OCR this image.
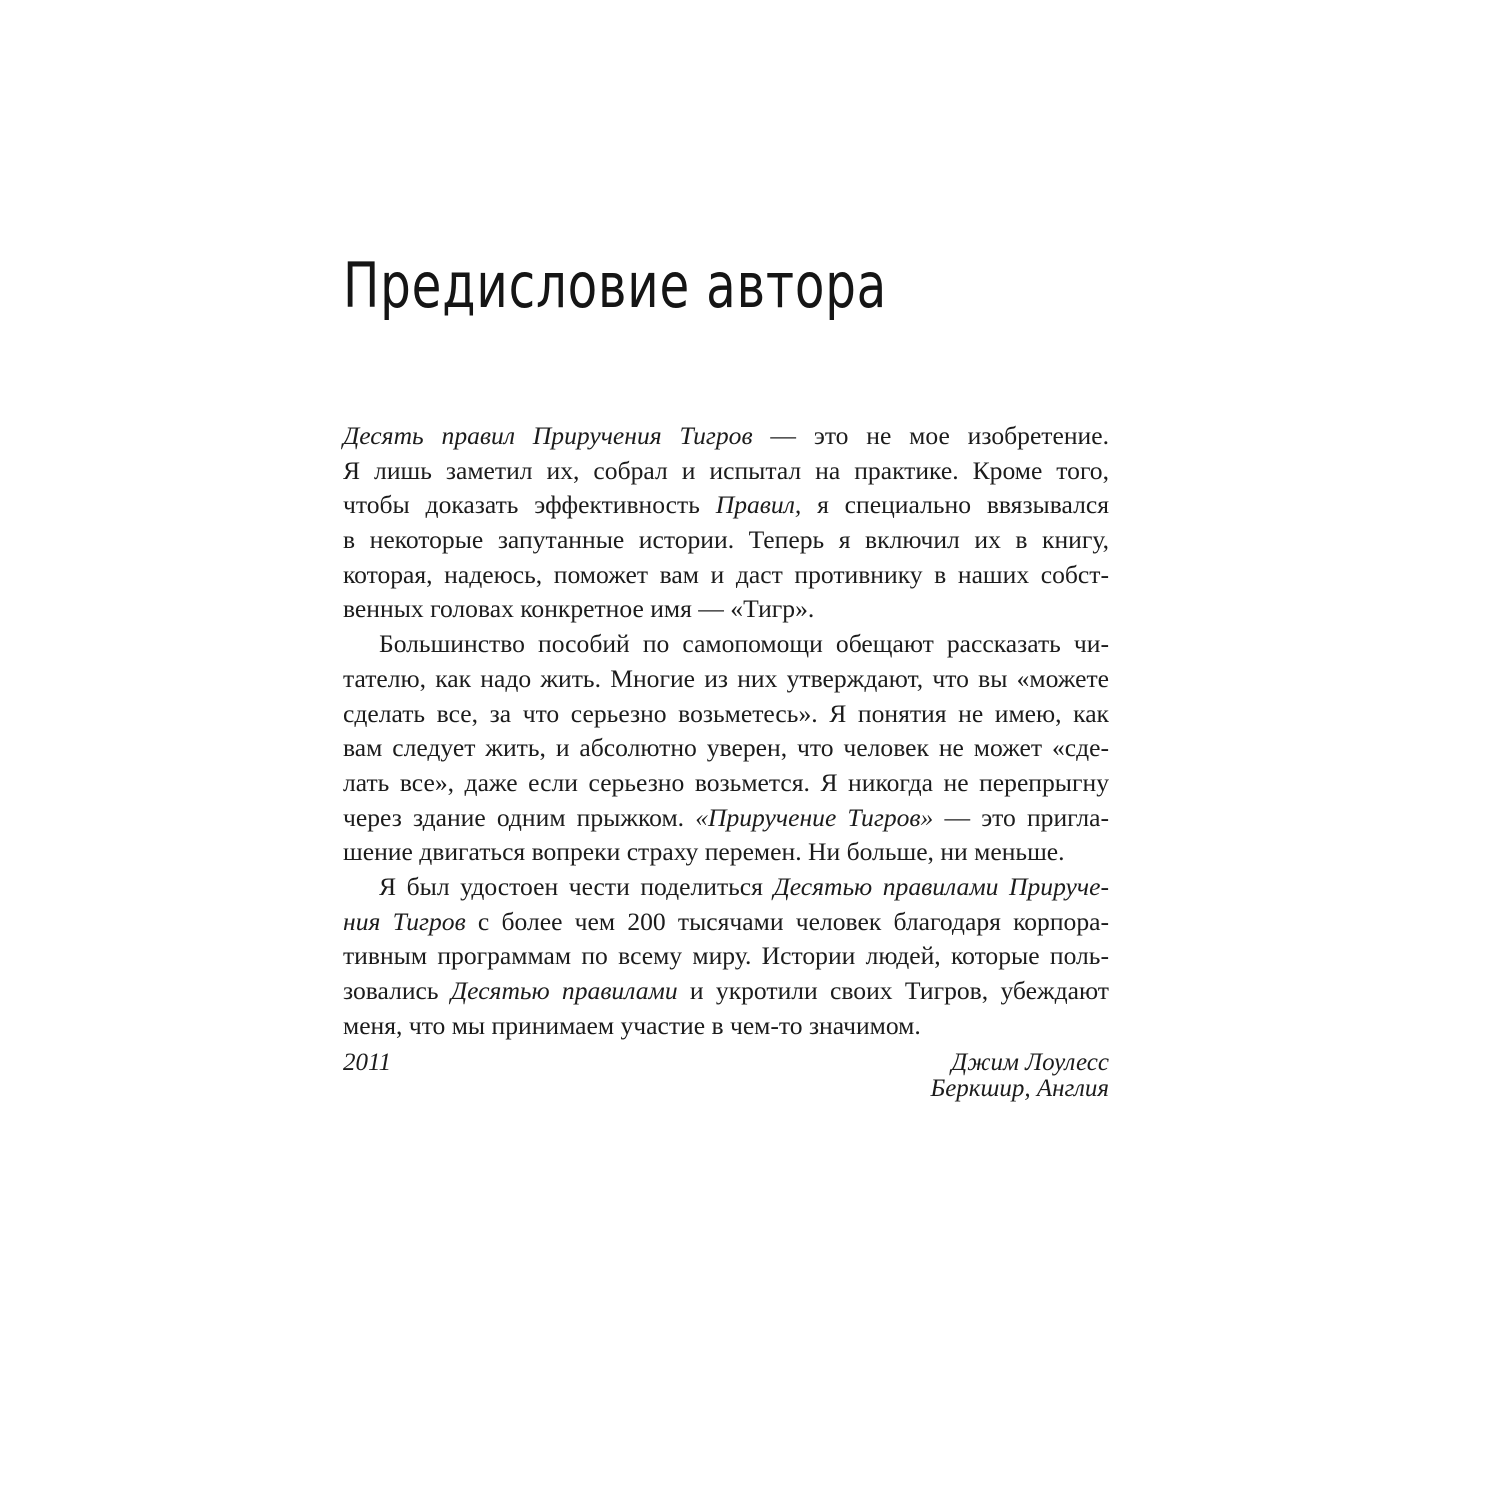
Предисловие автора
Десять правил Приручения Тигров — это не мое изобретение.
Я лишь заметил их, собрал и испытал на практике. Кроме того,
чтобы доказать эффективность Правил, я специально ввязывался
в некоторые запутанные истории. Теперь я включил их в книгу,
которая, надеюсь, поможет вам и даст противнику в наших собст-
венных головах конкретное имя — «Тигр».
Большинство пособий по самопомощи обещают рассказать чи-
тателю, как надо жить. Многие из них утверждают, что вы «можете
сделать все, за что серьезно возьметесь». Я понятия не имею, как
вам следует жить, и абсолютно уверен, что человек не может «сде-
лать все», даже если серьезно возьмется. Я никогда не перепрыгну
через здание одним прыжком. «Приручение Тигров» — это пригла-
шение двигаться вопреки страху перемен. Ни больше, ни меньше.
Я был удостоен чести поделиться Десятью правилами Приручe-
ния Тигров с более чем 200 тысячами человек благодаря корпора-
тивным программам по всему миру. Истории людей, которые поль-
зовались Десятью правилами и укротили своих Тигров, убеждают
меня, что мы принимаем участие в чем-то значимом.
2011	Джим Лоулесс
Беркшир, Англия
